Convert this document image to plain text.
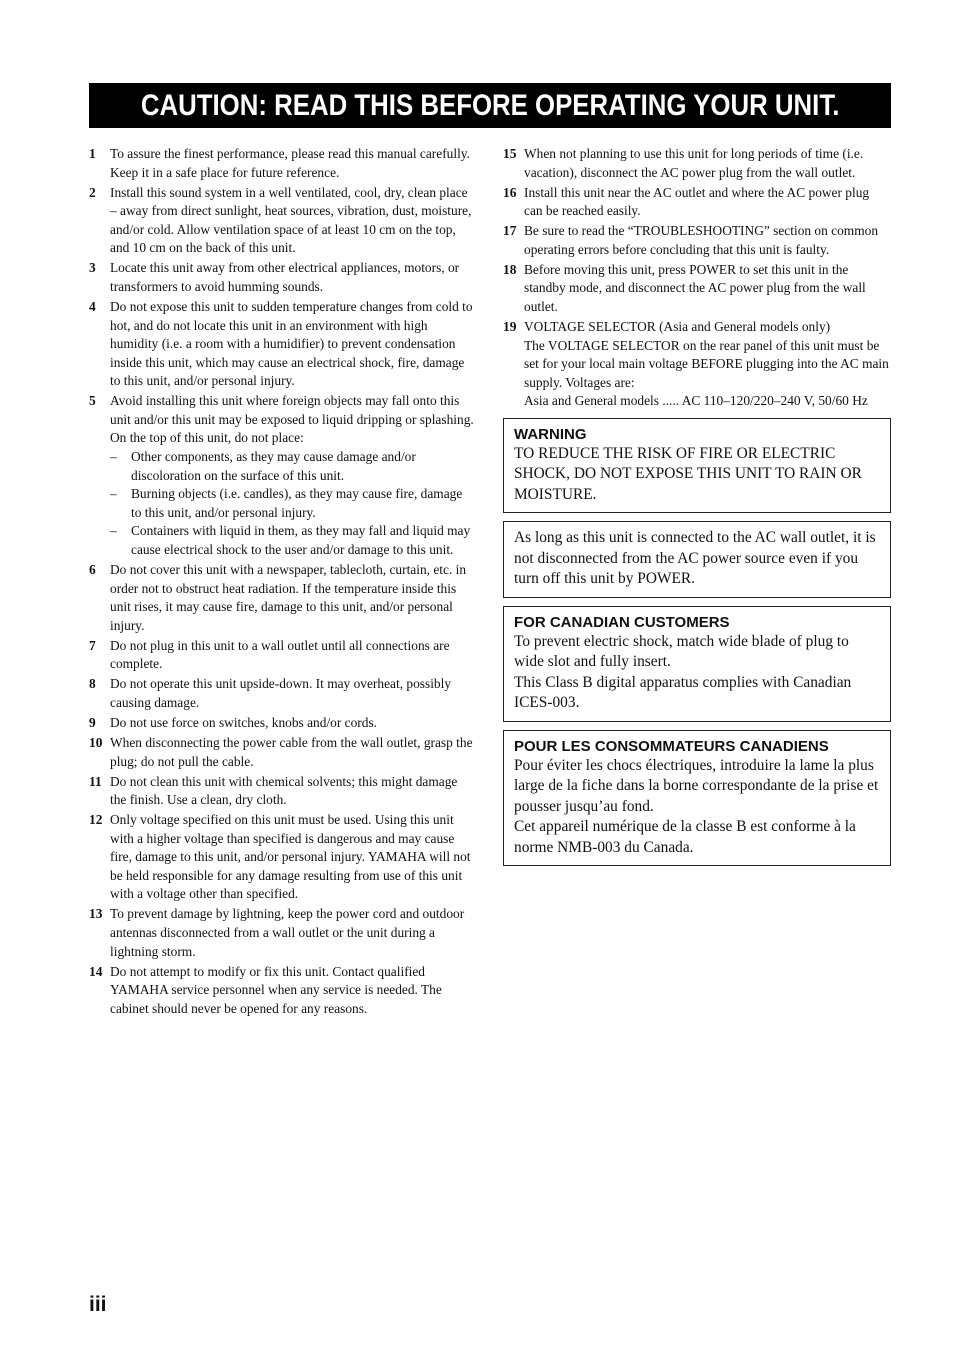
CAUTION: READ THIS BEFORE OPERATING YOUR UNIT.
1	To assure the finest performance, please read this manual carefully. Keep it in a safe place for future reference.
2	Install this sound system in a well ventilated, cool, dry, clean place – away from direct sunlight, heat sources, vibration, dust, moisture, and/or cold. Allow ventilation space of at least 10 cm on the top, and 10 cm on the back of this unit.
3	Locate this unit away from other electrical appliances, motors, or transformers to avoid humming sounds.
4	Do not expose this unit to sudden temperature changes from cold to hot, and do not locate this unit in an environment with high humidity (i.e. a room with a humidifier) to prevent condensation inside this unit, which may cause an electrical shock, fire, damage to this unit, and/or personal injury.
5	Avoid installing this unit where foreign objects may fall onto this unit and/or this unit may be exposed to liquid dripping or splashing. On the top of this unit, do not place:
–	Other components, as they may cause damage and/or discoloration on the surface of this unit.
–	Burning objects (i.e. candles), as they may cause fire, damage to this unit, and/or personal injury.
–	Containers with liquid in them, as they may fall and liquid may cause electrical shock to the user and/or damage to this unit.
6	Do not cover this unit with a newspaper, tablecloth, curtain, etc. in order not to obstruct heat radiation. If the temperature inside this unit rises, it may cause fire, damage to this unit, and/or personal injury.
7	Do not plug in this unit to a wall outlet until all connections are complete.
8	Do not operate this unit upside-down. It may overheat, possibly causing damage.
9	Do not use force on switches, knobs and/or cords.
10 When disconnecting the power cable from the wall outlet, grasp the plug; do not pull the cable.
11 Do not clean this unit with chemical solvents; this might damage the finish. Use a clean, dry cloth.
12 Only voltage specified on this unit must be used. Using this unit with a higher voltage than specified is dangerous and may cause fire, damage to this unit, and/or personal injury. YAMAHA will not be held responsible for any damage resulting from use of this unit with a voltage other than specified.
13 To prevent damage by lightning, keep the power cord and outdoor antennas disconnected from a wall outlet or the unit during a lightning storm.
14 Do not attempt to modify or fix this unit. Contact qualified YAMAHA service personnel when any service is needed. The cabinet should never be opened for any reasons.
15 When not planning to use this unit for long periods of time (i.e. vacation), disconnect the AC power plug from the wall outlet.
16 Install this unit near the AC outlet and where the AC power plug can be reached easily.
17 Be sure to read the “TROUBLESHOOTING” section on common operating errors before concluding that this unit is faulty.
18 Before moving this unit, press POWER to set this unit in the standby mode, and disconnect the AC power plug from the wall outlet.
19 VOLTAGE SELECTOR (Asia and General models only)
The VOLTAGE SELECTOR on the rear panel of this unit must be set for your local main voltage BEFORE plugging into the AC main supply. Voltages are:
Asia and General models ..... AC 110–120/220–240 V, 50/60 Hz
WARNING
TO REDUCE THE RISK OF FIRE OR ELECTRIC SHOCK, DO NOT EXPOSE THIS UNIT TO RAIN OR MOISTURE.
As long as this unit is connected to the AC wall outlet, it is not disconnected from the AC power source even if you turn off this unit by POWER.
FOR CANADIAN CUSTOMERS
To prevent electric shock, match wide blade of plug to wide slot and fully insert.
This Class B digital apparatus complies with Canadian ICES-003.
POUR LES CONSOMMATEURS CANADIENS
Pour éviter les chocs électriques, introduire la lame la plus large de la fiche dans la borne correspondante de la prise et pousser jusqu’au fond.
Cet appareil numérique de la classe B est conforme à la norme NMB-003 du Canada.
iii
